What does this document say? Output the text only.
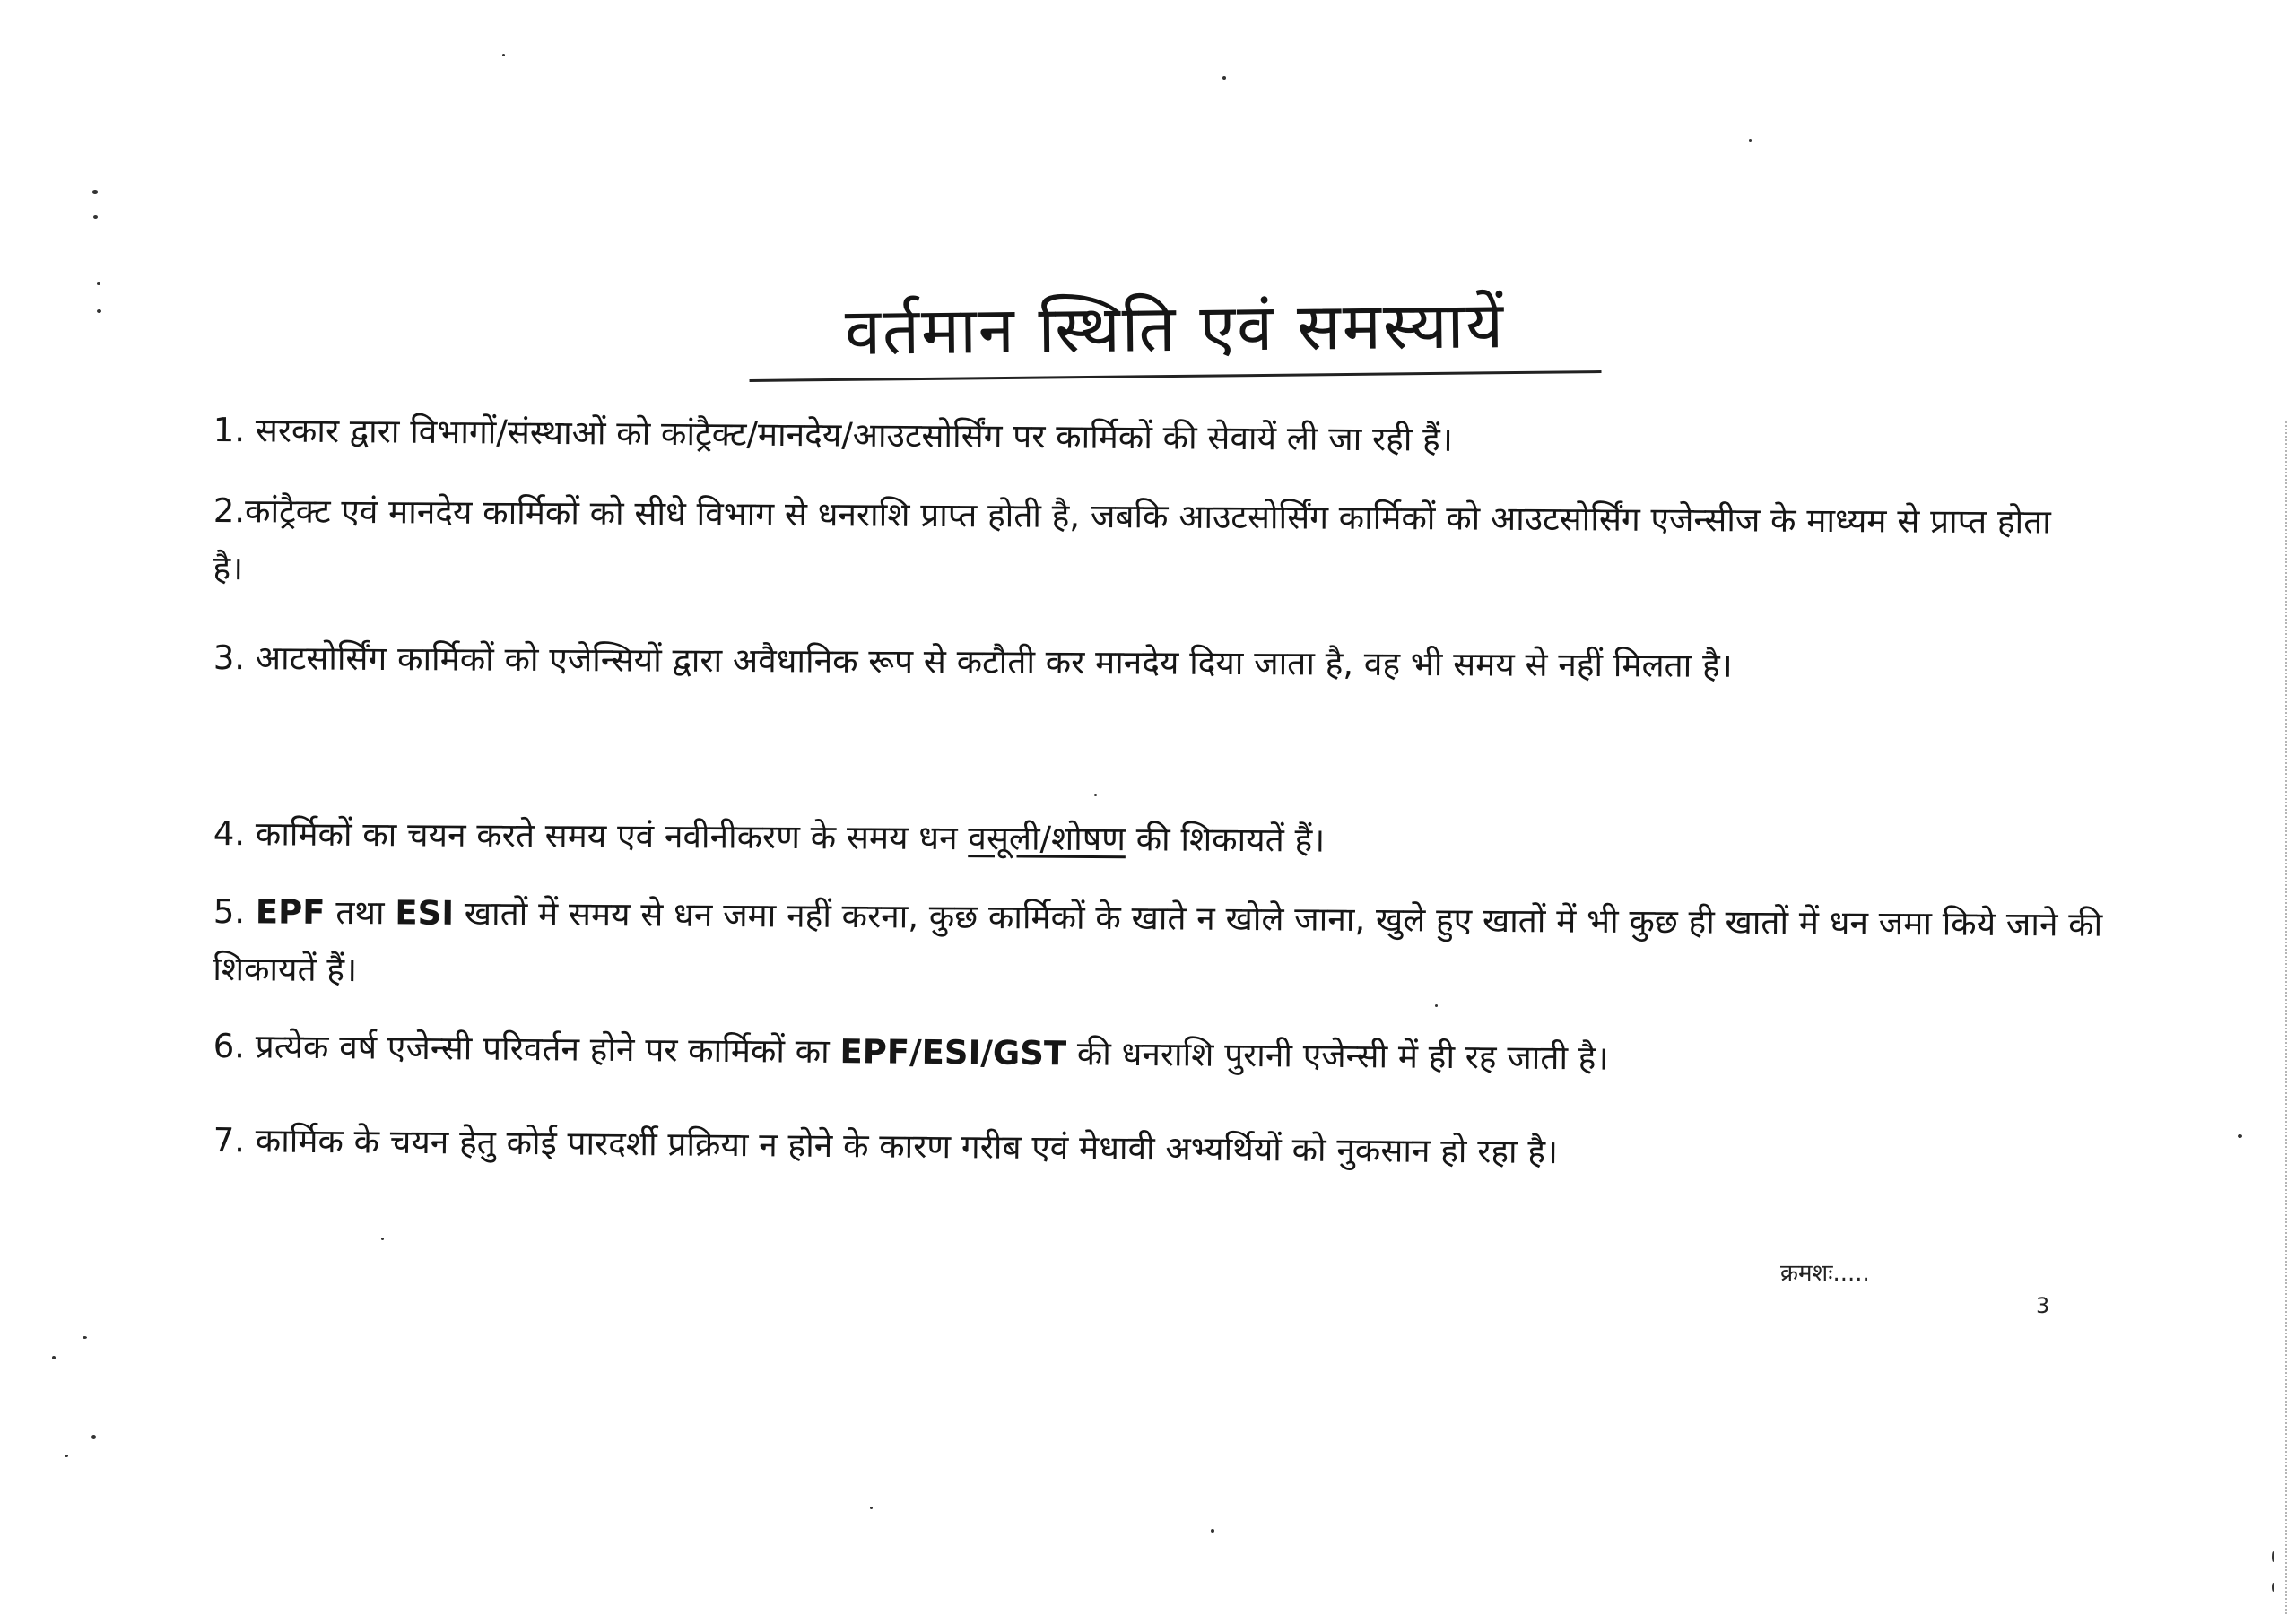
वर्तमान स्थिति एवं समस्यायें
1. सरकार द्वारा विभागों/संस्थाओं को कांट्रैक्ट/मानदेय/आउटसोर्सिंग पर कार्मिकों की सेवायें ली जा रही हैं।
2.कांट्रैक्ट एवं मानदेय कार्मिकों को सीधे विभाग से धनराशि प्राप्त होती है, जबकि आउटसोर्सिंग कार्मिकों को आउटसोर्सिंग एजेन्सीज के माध्यम से प्राप्त होता है।
3. आटसोर्सिंग कार्मिकों को एजेन्सियों द्वारा अवैधानिक रूप से कटौती कर मानदेय दिया जाता है, वह भी समय से नहीं मिलता है।
4. कार्मिकों का चयन करते समय एवं नवीनीकरण के समय धन वसूली/शोषण की शिकायतें हैं।
5. EPF तथा ESI खातों में समय से धन जमा नहीं करना, कुछ कार्मिकों के खाते न खोले जाना, खुले हुए खातों में भी कुछ ही खातों में धन जमा किये जाने की शिकायतें हैं।
6. प्रत्येक वर्ष एजेन्सी परिवर्तन होने पर कार्मिकों का EPF/ESI/GST की धनराशि पुरानी एजेन्सी में ही रह जाती है।
7. कार्मिक के चयन हेतु कोई पारदर्शी प्रक्रिया न होने के कारण गरीब एवं मेधावी अभ्यर्थियों को नुकसान हो रहा है।
क्रमशः.....
3
